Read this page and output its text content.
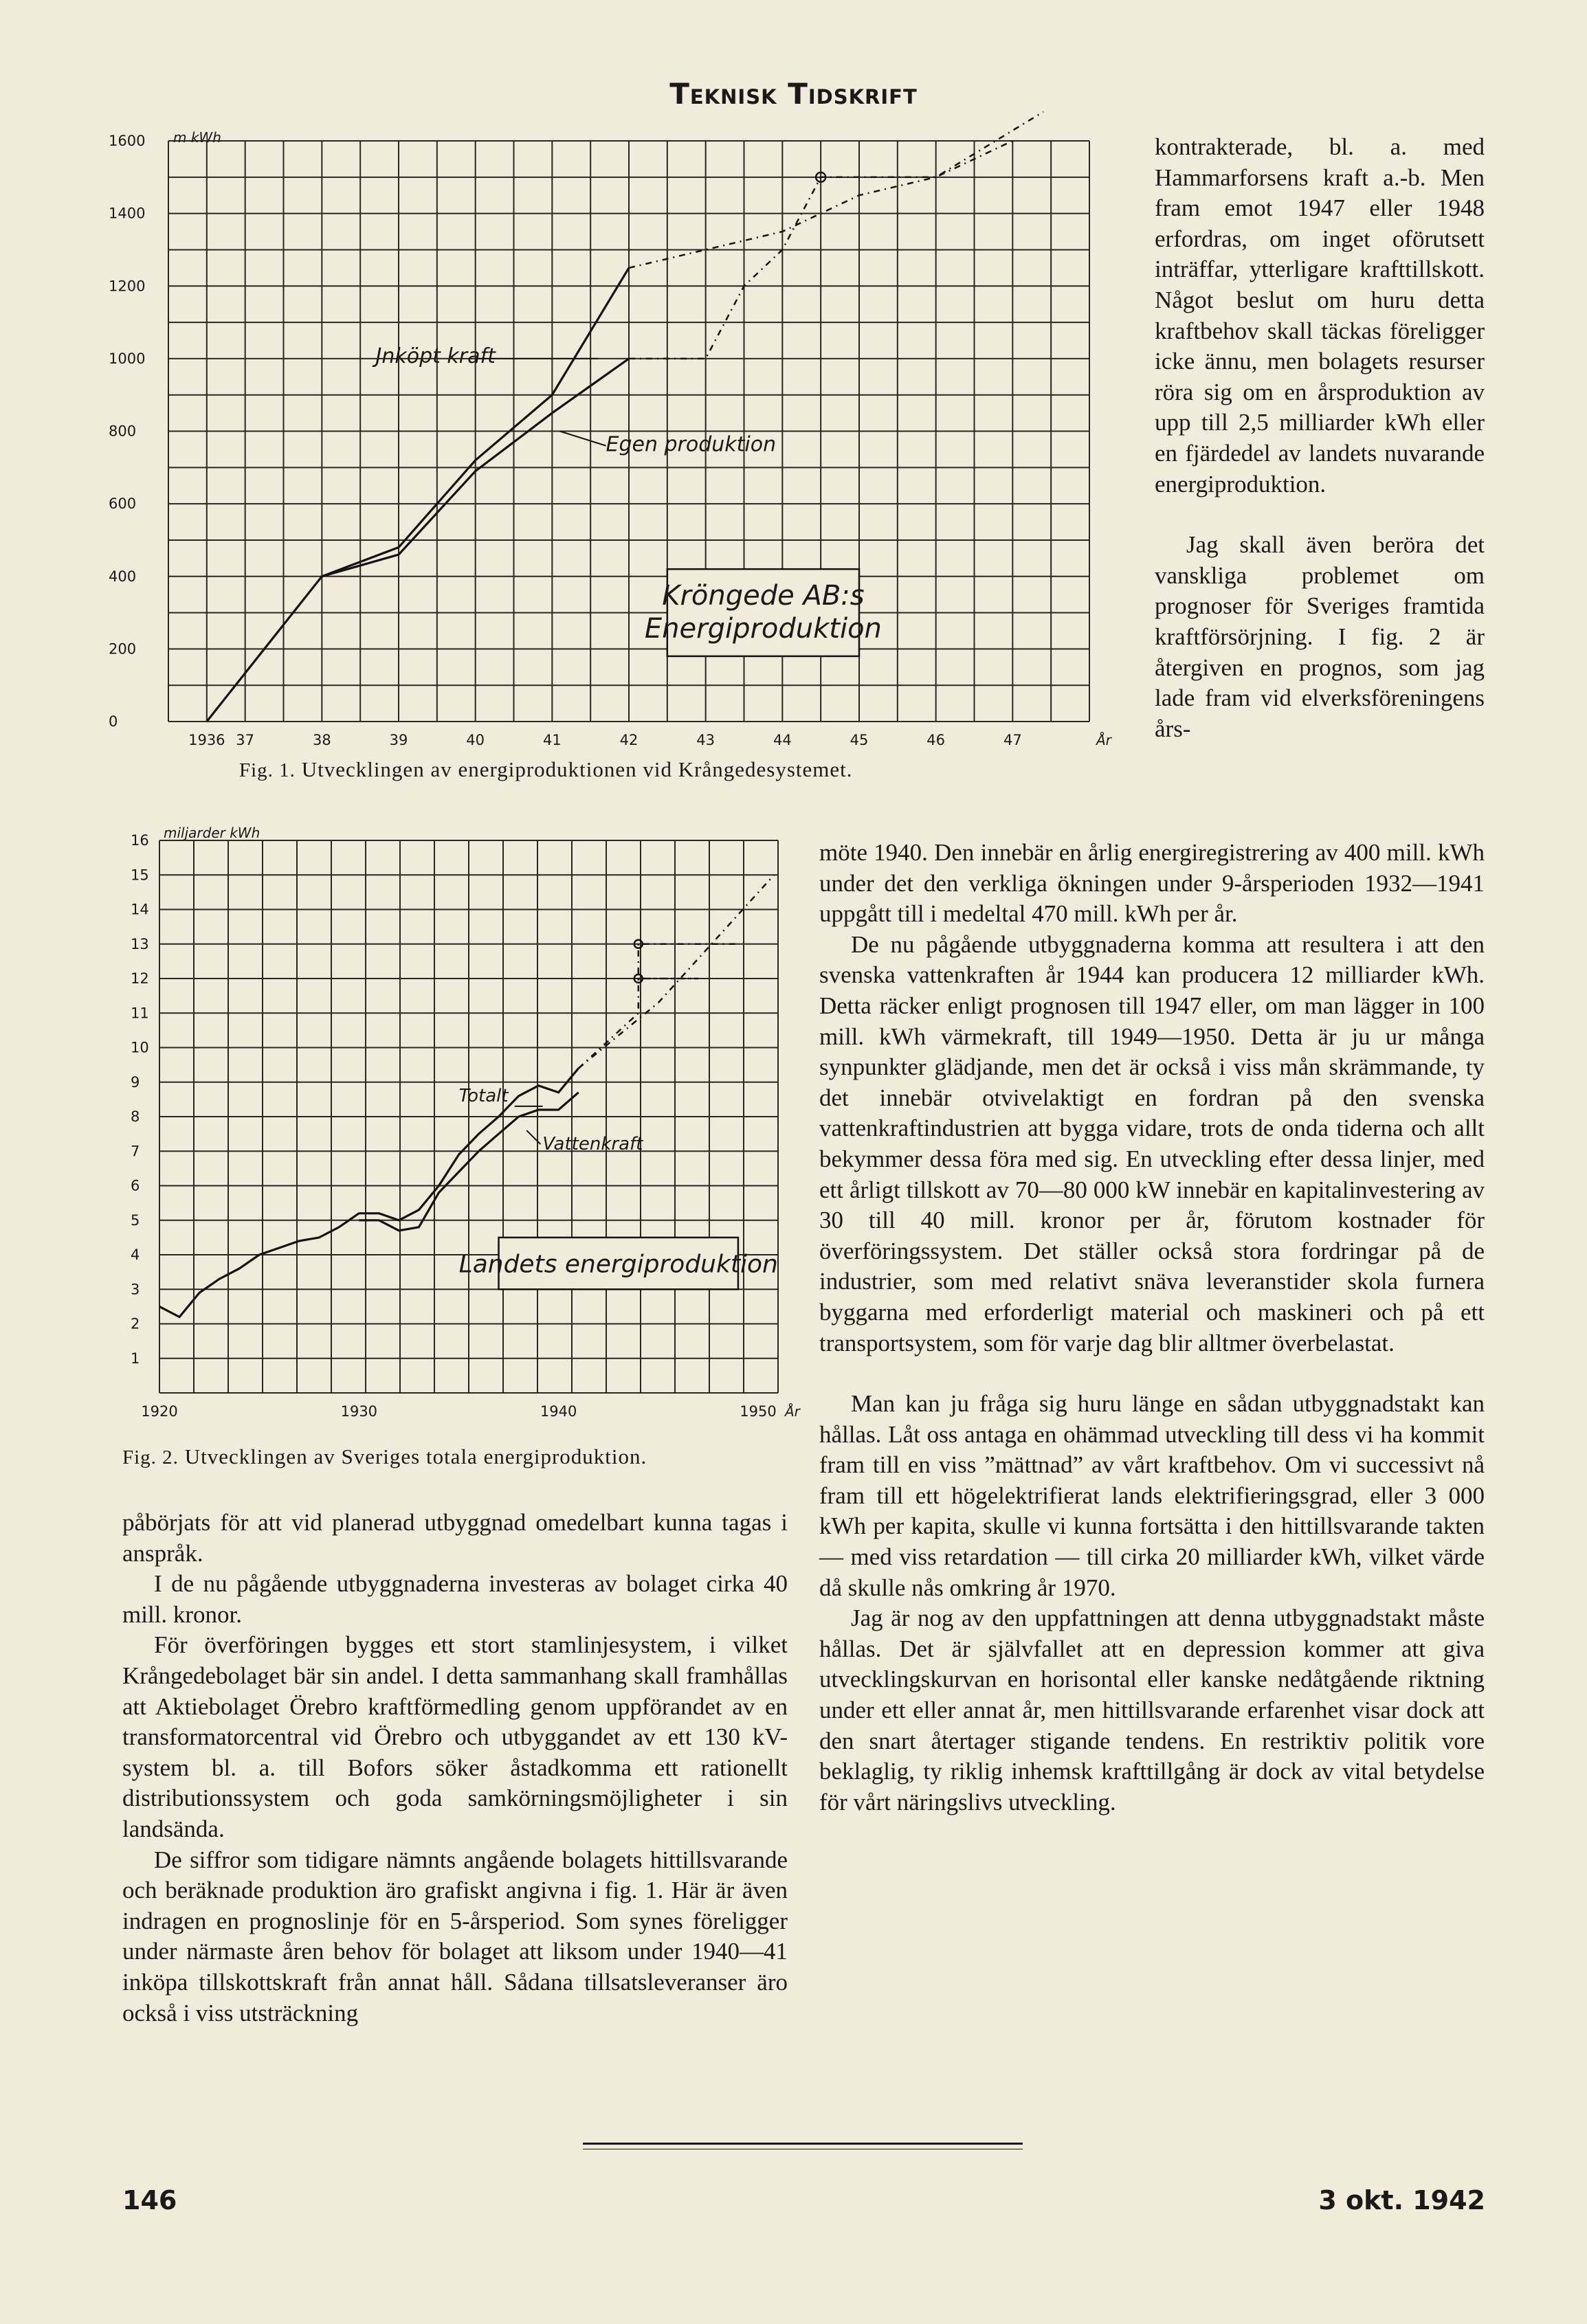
Teknisk Tidskrift
0
200
400
600
800
1000
1200
1400
1600
1936 37	38	39	40	41	42	43	44	45	46	47
m kWh
År
Jnköpt kraft
Egen produktion
Kröngede AB:s
Energiproduktion
Fig. 1. Utvecklingen av energiproduktionen vid Krångedesystemet.
1
2
3
4
5
6
7
8
9
10
11
12
13
14
15
16
1920	1930	1940	1950
miljarder kWh
År
Totalt
Vattenkraft
Landets energiproduktion
Fig. 2. Utvecklingen av Sveriges totala energiproduktion.

kontrakterade, bl. a. med Hammarforsens kraft a.-b. Men fram emot 1947 eller 1948 erfordras, om inget oförutsett inträffar, ytterligare krafttillskott. Något beslut om huru detta kraftbehov skall täckas föreligger icke ännu, men bolagets resurser röra sig om en årsproduktion av upp till 2,5 milliarder kWh eller en fjärdedel av landets nuvarande energiproduktion.

Jag skall även beröra det vanskliga problemet om prognoser för Sveriges framtida kraftförsörjning. I fig. 2 är återgiven en prognos, som jag lade fram vid elverksföreningens års-

möte 1940. Den innebär en årlig energiregistrering av 400 mill. kWh under det den verkliga ökningen under 9-årsperioden 1932—1941 uppgått till i medeltal 470 mill. kWh per år.

De nu pågående utbyggnaderna komma att resultera i att den svenska vattenkraften år 1944 kan producera 12 milliarder kWh. Detta räcker enligt prognosen till 1947 eller, om man lägger in 100 mill. kWh värmekraft, till 1949—1950. Detta är ju ur många synpunkter glädjande, men det är också i viss mån skrämmande, ty det innebär otvivelaktigt en fordran på den svenska vattenkraftindustrien att bygga vidare, trots de onda tiderna och allt bekymmer dessa föra med sig. En utveckling efter dessa linjer, med ett årligt tillskott av 70—80 000 kW innebär en kapitalinvestering av 30 till 40 mill. kronor per år, förutom kostnader för överföringssystem. Det ställer också stora fordringar på de industrier, som med relativt snäva leveranstider skola furnera byggarna med erforderligt material och maskineri och på ett transportsystem, som för varje dag blir alltmer överbelastat.

Man kan ju fråga sig huru länge en sådan utbyggnadstakt kan hållas. Låt oss antaga en ohämmad utveckling till dess vi ha kommit fram till en viss ”mättnad” av vårt kraftbehov. Om vi successivt nå fram till ett högelektrifierat lands elektrifieringsgrad, eller 3 000 kWh per kapita, skulle vi kunna fortsätta i den hittillsvarande takten — med viss retardation — till cirka 20 milliarder kWh, vilket värde då skulle nås omkring år 1970.

Jag är nog av den uppfattningen att denna utbyggnadstakt måste hållas. Det är självfallet att en depression kommer att giva utvecklingskurvan en horisontal eller kanske nedåtgående riktning under ett eller annat år, men hittillsvarande erfarenhet visar dock att den snart återtager stigande tendens. En restriktiv politik vore beklaglig, ty riklig inhemsk krafttillgång är dock av vital betydelse för vårt näringslivs utveckling.

påbörjats för att vid planerad utbyggnad omedelbart kunna tagas i anspråk.

I de nu pågående utbyggnaderna investeras av bolaget cirka 40 mill. kronor.

För överföringen bygges ett stort stamlinjesystem, i vilket Krångedebolaget bär sin andel. I detta sammanhang skall framhållas att Aktiebolaget Örebro kraftförmedling genom uppförandet av en transformatorcentral vid Örebro och utbyggandet av ett 130 kV-system bl. a. till Bofors söker åstadkomma ett rationellt distributionssystem och goda samkörningsmöjligheter i sin landsända.

De siffror som tidigare nämnts angående bolagets hittillsvarande och beräknade produktion äro grafiskt angivna i fig. 1. Här är även indragen en prognoslinje för en 5-årsperiod. Som synes föreligger under närmaste åren behov för bolaget att liksom under 1940—41 inköpa tillskottskraft från annat håll. Sådana tillsatsleveranser äro också i viss utsträckning

146	3 okt. 1942
